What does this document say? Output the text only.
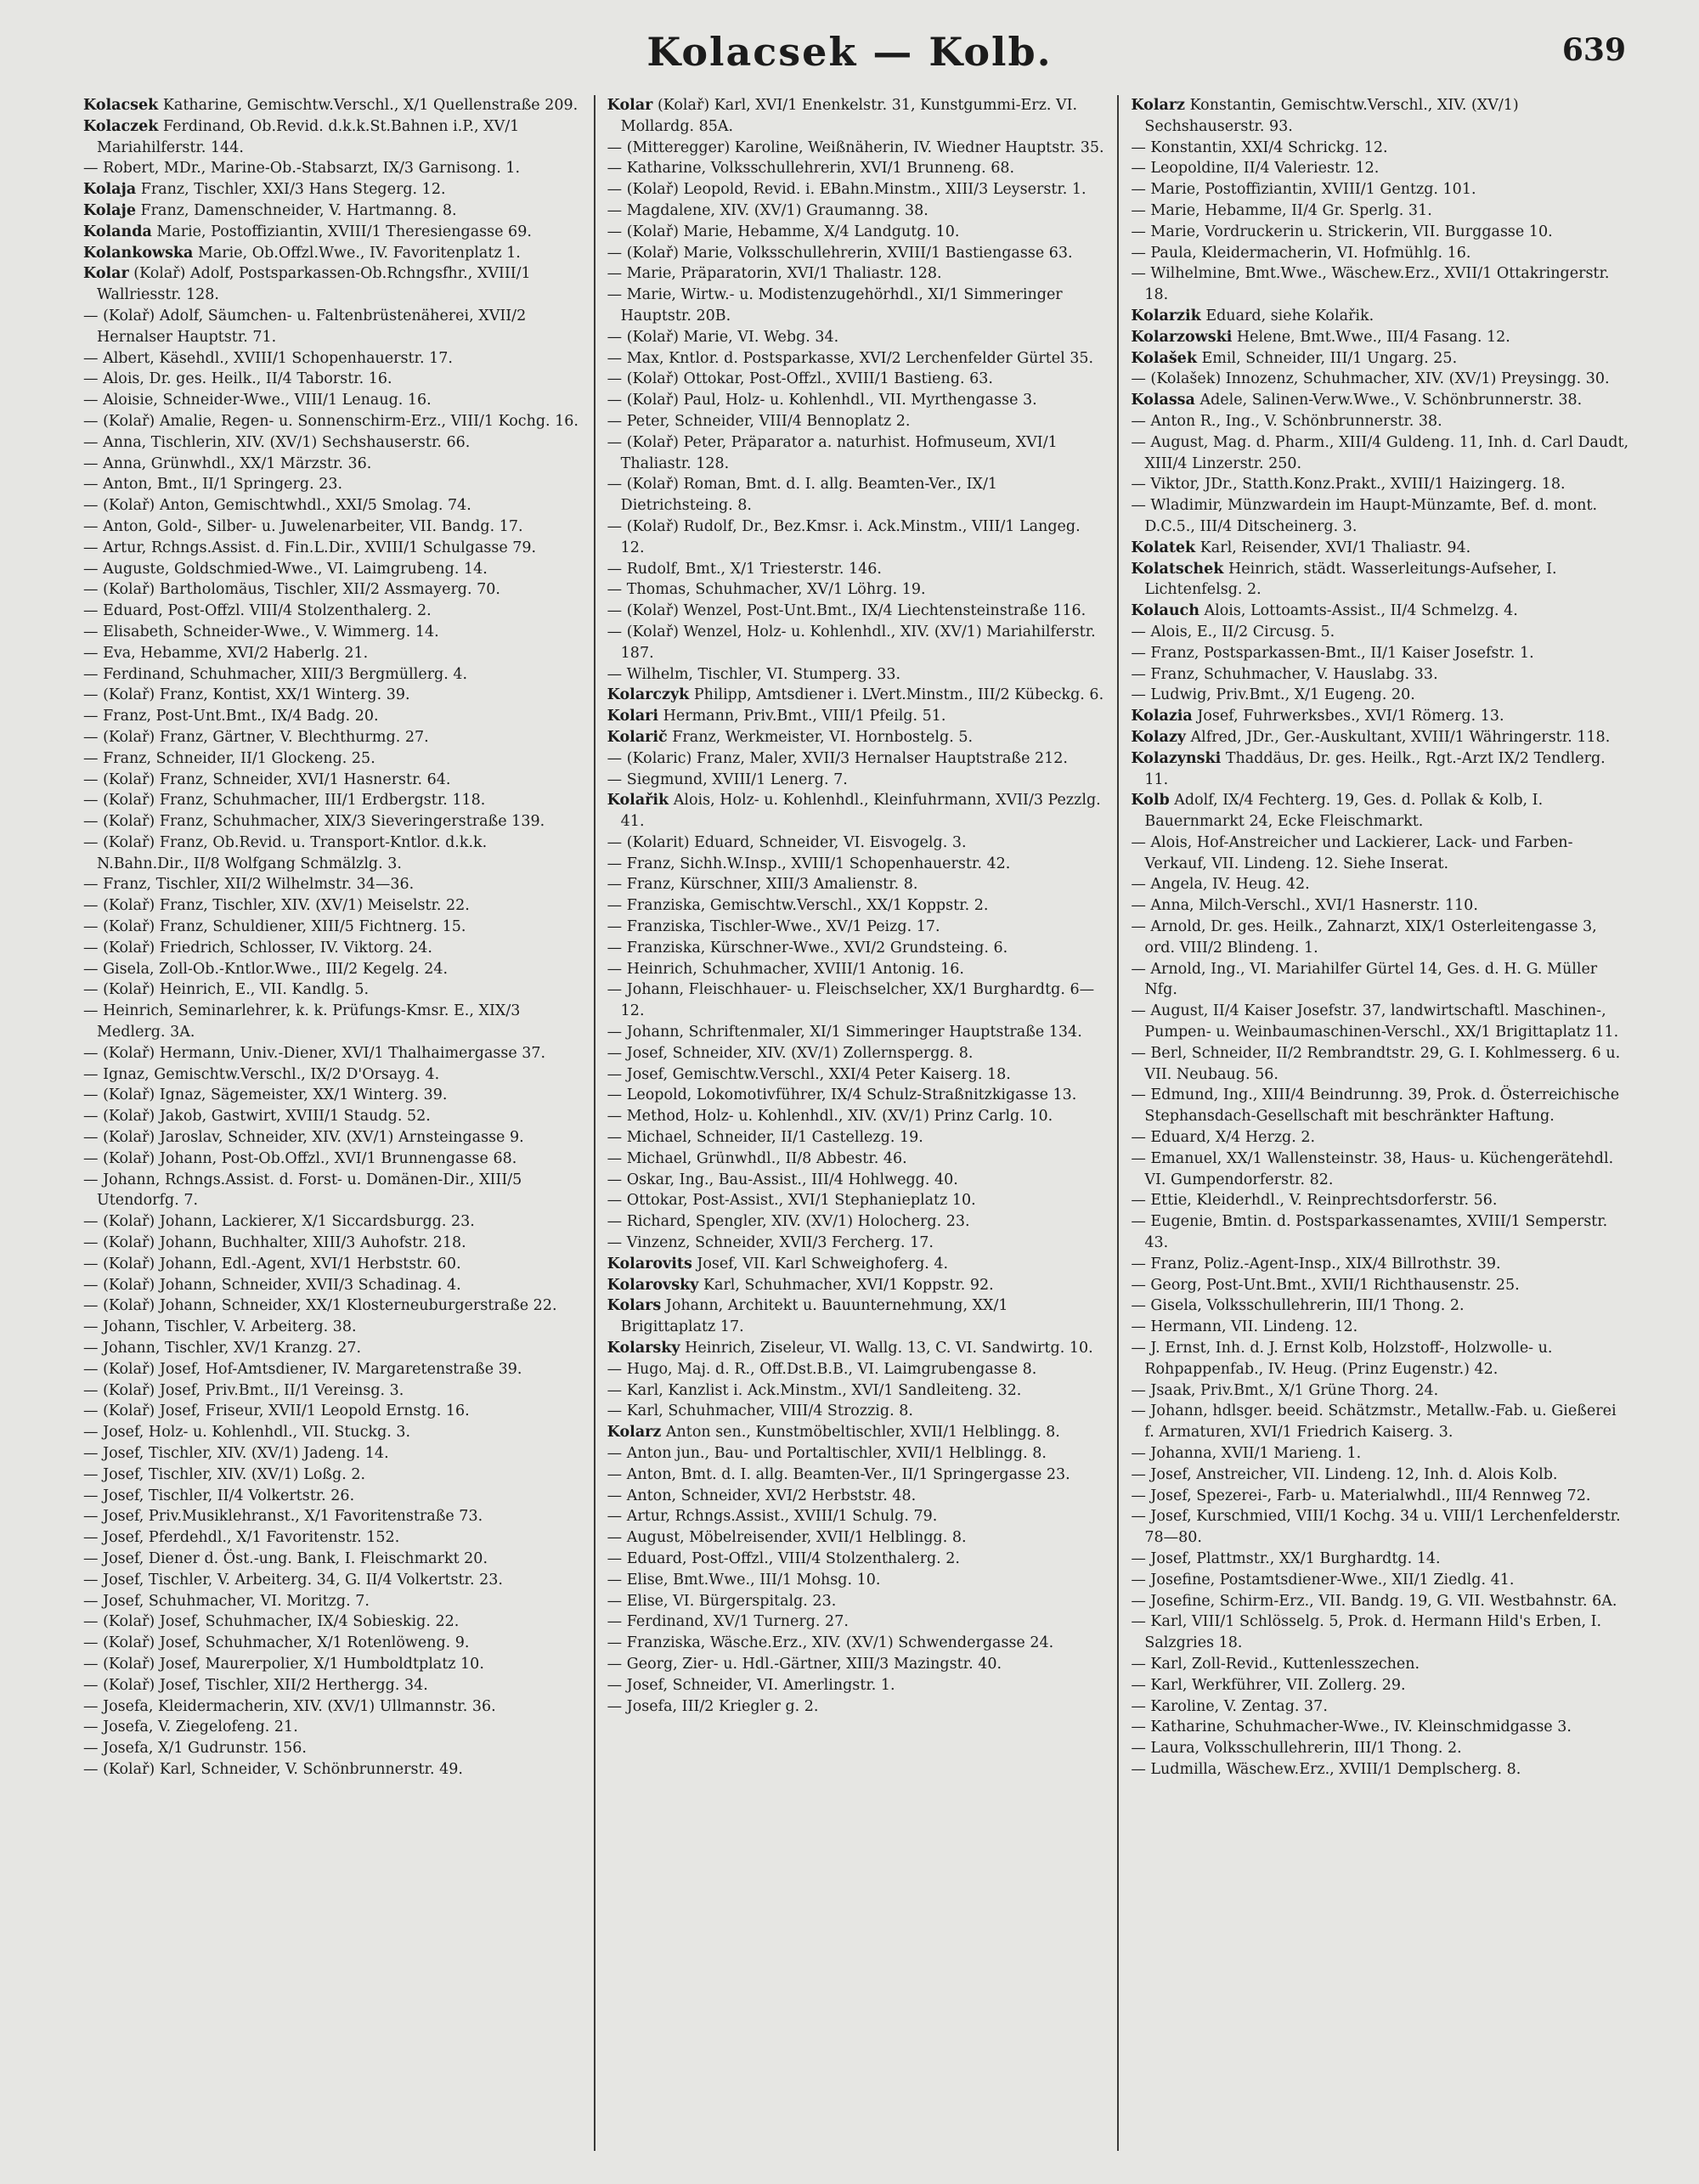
Kolacsek — Kolb.	639

Kolacsek Katharine, Gemischtw.Verschl., X/1 Quellenstraße 209.

Kolaczek Ferdinand, Ob.Revid. d.k.k.St.Bahnen i.P., XV/1 Mariahilferstr. 144.

— Robert, MDr., Marine-Ob.-Stabsarzt, IX/3 Garnisong. 1.

Kolaja Franz, Tischler, XXI/3 Hans Stegerg. 12.

Kolaje Franz, Damenschneider, V. Hartmanng. 8.

Kolanda Marie, Postoffiziantin, XVIII/1 Theresiengasse 69.

Kolankowska Marie, Ob.Offzl.Wwe., IV. Favoritenplatz 1.

Kolar (Kolař) Adolf, Postsparkassen-Ob.Rchngsfhr., XVIII/1 Wallriesstr. 128.

— (Kolař) Adolf, Säumchen- u. Faltenbrüstenäherei, XVII/2 Hernalser Hauptstr. 71.

— Albert, Käsehdl., XVIII/1 Schopenhauerstr. 17.

— Alois, Dr. ges. Heilk., II/4 Taborstr. 16.

— Aloisie, Schneider-Wwe., VIII/1 Lenaug. 16.

— (Kolař) Amalie, Regen- u. Sonnenschirm-Erz., VIII/1 Kochg. 16.

— Anna, Tischlerin, XIV. (XV/1) Sechshauserstr. 66.

— Anna, Grünwhdl., XX/1 Märzstr. 36.

— Anton, Bmt., II/1 Springerg. 23.

— (Kolař) Anton, Gemischtwhdl., XXI/5 Smolag. 74.

— Anton, Gold-, Silber- u. Juwelenarbeiter, VII. Bandg. 17.

— Artur, Rchngs.Assist. d. Fin.L.Dir., XVIII/1 Schulgasse 79.

— Auguste, Goldschmied-Wwe., VI. Laimgrubeng. 14.

— (Kolař) Bartholomäus, Tischler, XII/2 Assmayerg. 70.

— Eduard, Post-Offzl. VIII/4 Stolzenthalerg. 2.

— Elisabeth, Schneider-Wwe., V. Wimmerg. 14.

— Eva, Hebamme, XVI/2 Haberlg. 21.

— Ferdinand, Schuhmacher, XIII/3 Bergmüllerg. 4.

— (Kolař) Franz, Kontist, XX/1 Winterg. 39.

— Franz, Post-Unt.Bmt., IX/4 Badg. 20.

— (Kolař) Franz, Gärtner, V. Blechthurmg. 27.

— Franz, Schneider, II/1 Glockeng. 25.

— (Kolař) Franz, Schneider, XVI/1 Hasnerstr. 64.

— (Kolař) Franz, Schuhmacher, III/1 Erdbergstr. 118.

— (Kolař) Franz, Schuhmacher, XIX/3 Sieveringerstraße 139.

— (Kolař) Franz, Ob.Revid. u. Transport-Kntlor. d.k.k. N.Bahn.Dir., II/8 Wolfgang Schmälzlg. 3.

— Franz, Tischler, XII/2 Wilhelmstr. 34—36.

— (Kolař) Franz, Tischler, XIV. (XV/1) Meiselstr. 22.

— (Kolař) Franz, Schuldiener, XIII/5 Fichtnerg. 15.

— (Kolař) Friedrich, Schlosser, IV. Viktorg. 24.

— Gisela, Zoll-Ob.-Kntlor.Wwe., III/2 Kegelg. 24.

— (Kolař) Heinrich, E., VII. Kandlg. 5.

— Heinrich, Seminarlehrer, k. k. Prüfungs-Kmsr. E., XIX/3 Medlerg. 3A.

— (Kolař) Hermann, Univ.-Diener, XVI/1 Thalhaimergasse 37.

— Ignaz, Gemischtw.Verschl., IX/2 D'Orsayg. 4.

— (Kolař) Ignaz, Sägemeister, XX/1 Winterg. 39.

— (Kolař) Jakob, Gastwirt, XVIII/1 Staudg. 52.

— (Kolař) Jaroslav, Schneider, XIV. (XV/1) Arnsteingasse 9.

— (Kolař) Johann, Post-Ob.Offzl., XVI/1 Brunnengasse 68.

— Johann, Rchngs.Assist. d. Forst- u. Domänen-Dir., XIII/5 Utendorfg. 7.

— (Kolař) Johann, Lackierer, X/1 Siccardsburgg. 23.

— (Kolař) Johann, Buchhalter, XIII/3 Auhofstr. 218.

— (Kolař) Johann, Edl.-Agent, XVI/1 Herbststr. 60.

— (Kolař) Johann, Schneider, XVII/3 Schadinag. 4.

— (Kolař) Johann, Schneider, XX/1 Klosterneuburgerstraße 22.

— Johann, Tischler, V. Arbeiterg. 38.

— Johann, Tischler, XV/1 Kranzg. 27.

— (Kolař) Josef, Hof-Amtsdiener, IV. Margaretenstraße 39.

— (Kolař) Josef, Priv.Bmt., II/1 Vereinsg. 3.

— (Kolař) Josef, Friseur, XVII/1 Leopold Ernstg. 16.

— Josef, Holz- u. Kohlenhdl., VII. Stuckg. 3.

— Josef, Tischler, XIV. (XV/1) Jadeng. 14.

— Josef, Tischler, XIV. (XV/1) Loßg. 2.

— Josef, Tischler, II/4 Volkertstr. 26.

— Josef, Priv.Musiklehranst., X/1 Favoritenstraße 73.

— Josef, Pferdehdl., X/1 Favoritenstr. 152.

— Josef, Diener d. Öst.-ung. Bank, I. Fleischmarkt 20.

— Josef, Tischler, V. Arbeiterg. 34, G. II/4 Volkertstr. 23.

— Josef, Schuhmacher, VI. Moritzg. 7.

— (Kolař) Josef, Schuhmacher, IX/4 Sobieskig. 22.

— (Kolař) Josef, Schuhmacher, X/1 Rotenlöweng. 9.

— (Kolař) Josef, Maurerpolier, X/1 Humboldtplatz 10.

— (Kolař) Josef, Tischler, XII/2 Herthergg. 34.

— Josefa, Kleidermacherin, XIV. (XV/1) Ullmannstr. 36.

— Josefa, V. Ziegelofeng. 21.

— Josefa, X/1 Gudrunstr. 156.

— (Kolař) Karl, Schneider, V. Schönbrunnerstr. 49.

Kolar (Kolař) Karl, XVI/1 Enenkelstr. 31, Kunstgummi-Erz. VI. Mollardg. 85A.

— (Mitteregger) Karoline, Weißnäherin, IV. Wiedner Hauptstr. 35.

— Katharine, Volksschullehrerin, XVI/1 Brunneng. 68.

— (Kolař) Leopold, Revid. i. EBahn.Minstm., XIII/3 Leyserstr. 1.

— Magdalene, XIV. (XV/1) Graumanng. 38.

— (Kolař) Marie, Hebamme, X/4 Landgutg. 10.

— (Kolař) Marie, Volksschullehrerin, XVIII/1 Bastiengasse 63.

— Marie, Präparatorin, XVI/1 Thaliastr. 128.

— Marie, Wirtw.- u. Modistenzugehörhdl., XI/1 Simmeringer Hauptstr. 20B.

— (Kolař) Marie, VI. Webg. 34.

— Max, Kntlor. d. Postsparkasse, XVI/2 Lerchenfelder Gürtel 35.

— (Kolař) Ottokar, Post-Offzl., XVIII/1 Bastieng. 63.

— (Kolař) Paul, Holz- u. Kohlenhdl., VII. Myrthengasse 3.

— Peter, Schneider, VIII/4 Bennoplatz 2.

— (Kolař) Peter, Präparator a. naturhist. Hofmuseum, XVI/1 Thaliastr. 128.

— (Kolař) Roman, Bmt. d. I. allg. Beamten-Ver., IX/1 Dietrichsteing. 8.

— (Kolař) Rudolf, Dr., Bez.Kmsr. i. Ack.Minstm., VIII/1 Langeg. 12.

— Rudolf, Bmt., X/1 Triesterstr. 146.

— Thomas, Schuhmacher, XV/1 Löhrg. 19.

— (Kolař) Wenzel, Post-Unt.Bmt., IX/4 Liechtensteinstraße 116.

— (Kolař) Wenzel, Holz- u. Kohlenhdl., XIV. (XV/1) Mariahilferstr. 187.

— Wilhelm, Tischler, VI. Stumperg. 33.

Kolarczyk Philipp, Amtsdiener i. LVert.Minstm., III/2 Kübeckg. 6.

Kolari Hermann, Priv.Bmt., VIII/1 Pfeilg. 51.

Kolarič Franz, Werkmeister, VI. Hornbostelg. 5.

— (Kolaric) Franz, Maler, XVII/3 Hernalser Hauptstraße 212.

— Siegmund, XVIII/1 Lenerg. 7.

Kolařik Alois, Holz- u. Kohlenhdl., Kleinfuhrmann, XVII/3 Pezzlg. 41.

— (Kolarit) Eduard, Schneider, VI. Eisvogelg. 3.

— Franz, Sichh.W.Insp., XVIII/1 Schopenhauerstr. 42.

— Franz, Kürschner, XIII/3 Amalienstr. 8.

— Franziska, Gemischtw.Verschl., XX/1 Koppstr. 2.

— Franziska, Tischler-Wwe., XV/1 Peizg. 17.

— Franziska, Kürschner-Wwe., XVI/2 Grundsteing. 6.

— Heinrich, Schuhmacher, XVIII/1 Antonig. 16.

— Johann, Fleischhauer- u. Fleischselcher, XX/1 Burghardtg. 6—12.

— Johann, Schriftenmaler, XI/1 Simmeringer Hauptstraße 134.

— Josef, Schneider, XIV. (XV/1) Zollernspergg. 8.

— Josef, Gemischtw.Verschl., XXI/4 Peter Kaiserg. 18.

— Leopold, Lokomotivführer, IX/4 Schulz-Straßnitzkigasse 13.

— Method, Holz- u. Kohlenhdl., XIV. (XV/1) Prinz Carlg. 10.

— Michael, Schneider, II/1 Castellezg. 19.

— Michael, Grünwhdl., II/8 Abbestr. 46.

— Oskar, Ing., Bau-Assist., III/4 Hohlwegg. 40.

— Ottokar, Post-Assist., XVI/1 Stephanieplatz 10.

— Richard, Spengler, XIV. (XV/1) Holocherg. 23.

— Vinzenz, Schneider, XVII/3 Fercherg. 17.

Kolarovits Josef, VII. Karl Schweighoferg. 4.

Kolarovsky Karl, Schuhmacher, XVI/1 Koppstr. 92.

Kolars Johann, Architekt u. Bauunternehmung, XX/1 Brigittaplatz 17.

Kolarsky Heinrich, Ziseleur, VI. Wallg. 13, C. VI. Sandwirtg. 10.

— Hugo, Maj. d. R., Off.Dst.B.B., VI. Laimgrubengasse 8.

— Karl, Kanzlist i. Ack.Minstm., XVI/1 Sandleiteng. 32.

— Karl, Schuhmacher, VIII/4 Strozzig. 8.

Kolarz Anton sen., Kunstmöbeltischler, XVII/1 Helblingg. 8.

— Anton jun., Bau- und Portaltischler, XVII/1 Helblingg. 8.

— Anton, Bmt. d. I. allg. Beamten-Ver., II/1 Springergasse 23.

— Anton, Schneider, XVI/2 Herbststr. 48.

— Artur, Rchngs.Assist., XVIII/1 Schulg. 79.

— August, Möbelreisender, XVII/1 Helblingg. 8.

— Eduard, Post-Offzl., VIII/4 Stolzenthalerg. 2.

— Elise, Bmt.Wwe., III/1 Mohsg. 10.

— Elise, VI. Bürgerspitalg. 23.

— Ferdinand, XV/1 Turnerg. 27.

— Franziska, Wäsche.Erz., XIV. (XV/1) Schwendergasse 24.

— Georg, Zier- u. Hdl.-Gärtner, XIII/3 Mazingstr. 40.

— Josef, Schneider, VI. Amerlingstr. 1.

— Josefa, III/2 Kriegler g. 2.

Kolarz Konstantin, Gemischtw.Verschl., XIV. (XV/1) Sechshauserstr. 93.

— Konstantin, XXI/4 Schrickg. 12.

— Leopoldine, II/4 Valeriestr. 12.

— Marie, Postoffiziantin, XVIII/1 Gentzg. 101.

— Marie, Hebamme, II/4 Gr. Sperlg. 31.

— Marie, Vordruckerin u. Strickerin, VII. Burggasse 10.

— Paula, Kleidermacherin, VI. Hofmühlg. 16.

— Wilhelmine, Bmt.Wwe., Wäschew.Erz., XVII/1 Ottakringerstr. 18.

Kolarzik Eduard, siehe Kolařik.

Kolarzowski Helene, Bmt.Wwe., III/4 Fasang. 12.

Kolašek Emil, Schneider, III/1 Ungarg. 25.

— (Kolašek) Innozenz, Schuhmacher, XIV. (XV/1) Preysingg. 30.

Kolassa Adele, Salinen-Verw.Wwe., V. Schönbrunnerstr. 38.

— Anton R., Ing., V. Schönbrunnerstr. 38.

— August, Mag. d. Pharm., XIII/4 Guldeng. 11, Inh. d. Carl Daudt, XIII/4 Linzerstr. 250.

— Viktor, JDr., Statth.Konz.Prakt., XVIII/1 Haizingerg. 18.

— Wladimir, Münzwardein im Haupt-Münzamte, Bef. d. mont. D.C.5., III/4 Ditscheinerg. 3.

Kolatek Karl, Reisender, XVI/1 Thaliastr. 94.

Kolatschek Heinrich, städt. Wasserleitungs-Aufseher, I. Lichtenfelsg. 2.

Kolauch Alois, Lottoamts-Assist., II/4 Schmelzg. 4.

— Alois, E., II/2 Circusg. 5.

— Franz, Postsparkassen-Bmt., II/1 Kaiser Josefstr. 1.

— Franz, Schuhmacher, V. Hauslabg. 33.

— Ludwig, Priv.Bmt., X/1 Eugeng. 20.

Kolazia Josef, Fuhrwerksbes., XVI/1 Römerg. 13.

Kolazy Alfred, JDr., Ger.-Auskultant, XVIII/1 Währingerstr. 118.

Kolazynski Thaddäus, Dr. ges. Heilk., Rgt.-Arzt IX/2 Tendlerg. 11.

Kolb Adolf, IX/4 Fechterg. 19, Ges. d. Pollak & Kolb, I. Bauernmarkt 24, Ecke Fleischmarkt.

— Alois, Hof-Anstreicher und Lackierer, Lack- und Farben-Verkauf, VII. Lindeng. 12. Siehe Inserat.

— Angela, IV. Heug. 42.

— Anna, Milch-Verschl., XVI/1 Hasnerstr. 110.

— Arnold, Dr. ges. Heilk., Zahnarzt, XIX/1 Osterleitengasse 3, ord. VIII/2 Blindeng. 1.

— Arnold, Ing., VI. Mariahilfer Gürtel 14, Ges. d. H. G. Müller Nfg.

— August, II/4 Kaiser Josefstr. 37, landwirtschaftl. Maschinen-, Pumpen- u. Weinbaumaschinen-Verschl., XX/1 Brigittaplatz 11.

— Berl, Schneider, II/2 Rembrandtstr. 29, G. I. Kohlmesserg. 6 u. VII. Neubaug. 56.

— Edmund, Ing., XIII/4 Beindrunng. 39, Prok. d. Österreichische Stephansdach-Gesellschaft mit beschränkter Haftung.

— Eduard, X/4 Herzg. 2.

— Emanuel, XX/1 Wallensteinstr. 38, Haus- u. Küchengerätehdl. VI. Gumpendorferstr. 82.

— Ettie, Kleiderhdl., V. Reinprechtsdorferstr. 56.

— Eugenie, Bmtin. d. Postsparkassenamtes, XVIII/1 Semperstr. 43.

— Franz, Poliz.-Agent-Insp., XIX/4 Billrothstr. 39.

— Georg, Post-Unt.Bmt., XVII/1 Richthausenstr. 25.

— Gisela, Volksschullehrerin, III/1 Thong. 2.

— Hermann, VII. Lindeng. 12.

— J. Ernst, Inh. d. J. Ernst Kolb, Holzstoff-, Holzwolle- u. Rohpappenfab., IV. Heug. (Prinz Eugenstr.) 42.

— Jsaak, Priv.Bmt., X/1 Grüne Thorg. 24.

— Johann, hdlsger. beeid. Schätzmstr., Metallw.-Fab. u. Gießerei f. Armaturen, XVI/1 Friedrich Kaiserg. 3.

— Johanna, XVII/1 Marieng. 1.

— Josef, Anstreicher, VII. Lindeng. 12, Inh. d. Alois Kolb.

— Josef, Spezerei-, Farb- u. Materialwhdl., III/4 Rennweg 72.

— Josef, Kurschmied, VIII/1 Kochg. 34 u. VIII/1 Lerchenfelderstr. 78—80.

— Josef, Plattmstr., XX/1 Burghardtg. 14.

— Josefine, Postamtsdiener-Wwe., XII/1 Ziedlg. 41.

— Josefine, Schirm-Erz., VII. Bandg. 19, G. VII. Westbahnstr. 6A.

— Karl, VIII/1 Schlösselg. 5, Prok. d. Hermann Hild's Erben, I. Salzgries 18.

— Karl, Zoll-Revid., Kuttenlesszechen.

— Karl, Werkführer, VII. Zollerg. 29.

— Karoline, V. Zentag. 37.

— Katharine, Schuhmacher-Wwe., IV. Kleinschmidgasse 3.

— Laura, Volksschullehrerin, III/1 Thong. 2.

— Ludmilla, Wäschew.Erz., XVIII/1 Demplscherg. 8.
